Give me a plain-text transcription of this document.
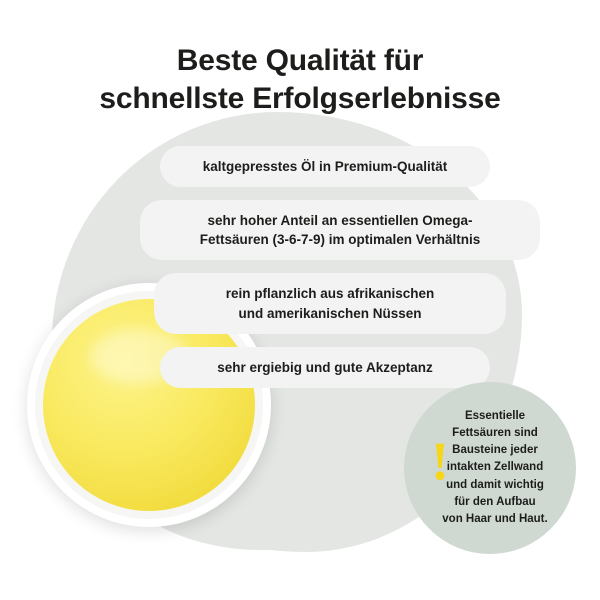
Beste Qualität für
schnellste Erfolgserlebnisse
kaltgepresstes Öl in Premium-Qualität
sehr hoher Anteil an essentiellen Omega-
Fettsäuren (3-6-7-9) im optimalen Verhältnis
rein pflanzlich aus afrikanischen
und amerikanischen Nüssen
sehr ergiebig und gute Akzeptanz
!
Essentielle
Fettsäuren sind
Bausteine jeder
intakten Zellwand
und damit wichtig
für den Aufbau
von Haar und Haut.
